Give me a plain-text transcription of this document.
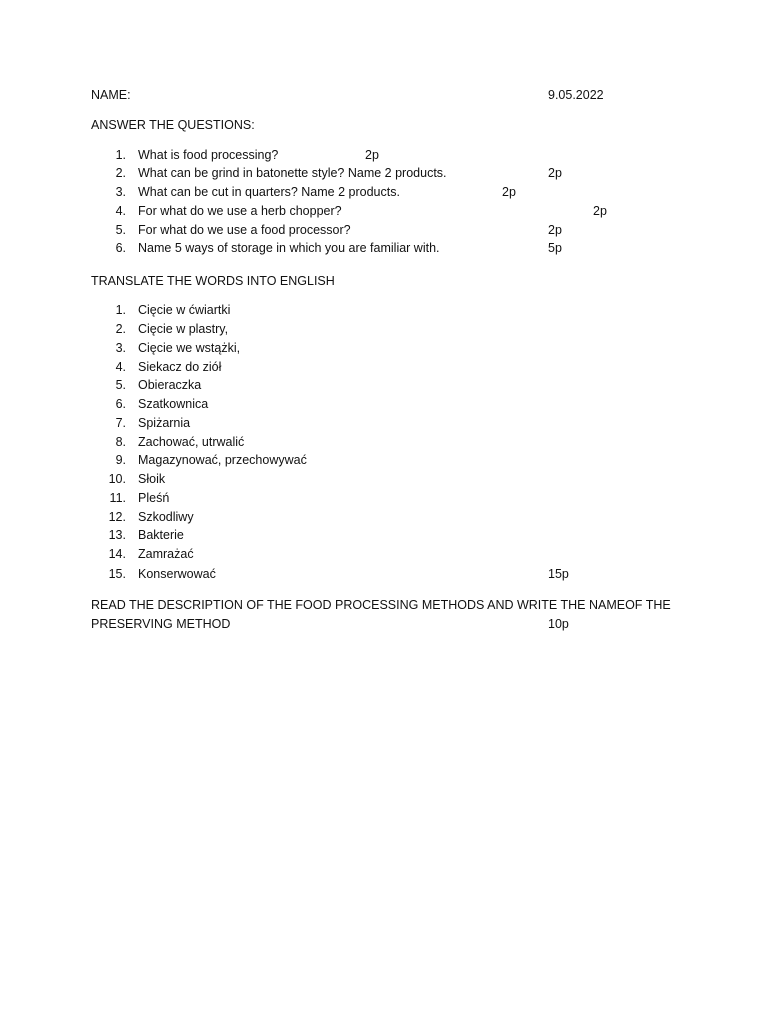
NAME:	9.05.2022
ANSWER THE QUESTIONS:
1. What is food processing?	2p
2. What can be grind in batonette style? Name 2 products.	2p
3. What can be cut in quarters? Name 2 products.	2p
4. For what do we use a herb chopper?	2p
5. For what do we use a food processor?	2p
6. Name 5 ways of storage in which you are familiar with.	5p
TRANSLATE THE WORDS INTO ENGLISH
1. Cięcie w ćwiartki
2. Cięcie w plastry,
3. Cięcie we wstążki,
4. Siekacz do ziół
5. Obieraczka
6. Szatkownica
7. Spiżarnia
8. Zachować, utrwalić
9. Magazynować, przechowywać
10. Słoik
11. Pleśń
12. Szkodliwy
13. Bakterie
14. Zamrażać
15. Konserwować	15p
READ THE DESCRIPTION OF THE FOOD PROCESSING METHODS AND WRITE THE NAMEOF THE
PRESERVING METHOD	10p
